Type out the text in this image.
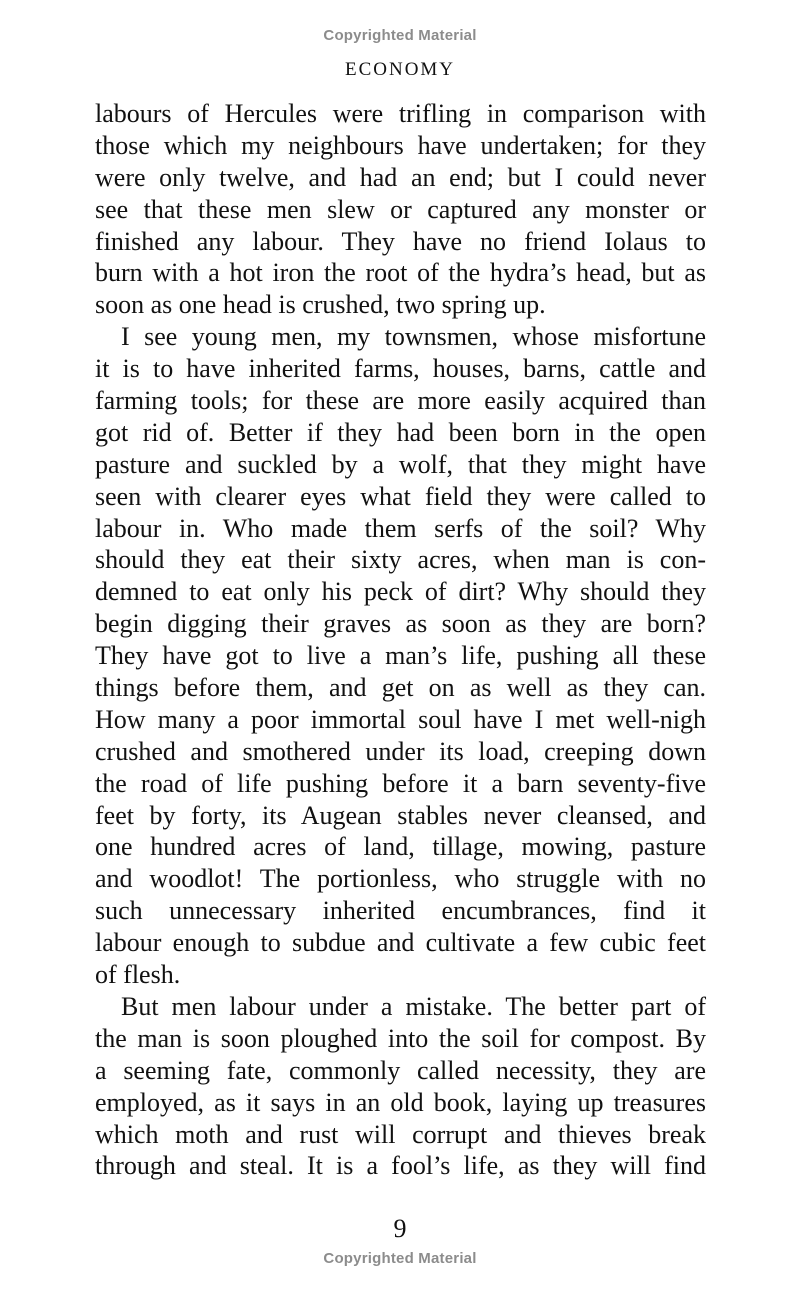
Copyrighted Material
ECONOMY
labours of Hercules were trifling in comparison with
those which my neighbours have undertaken; for they
were only twelve, and had an end; but I could never
see that these men slew or captured any monster or
finished any labour. They have no friend Iolaus to
burn with a hot iron the root of the hydra’s head, but as
soon as one head is crushed, two spring up.
I see young men, my townsmen, whose misfortune
it is to have inherited farms, houses, barns, cattle and
farming tools; for these are more easily acquired than
got rid of. Better if they had been born in the open
pasture and suckled by a wolf, that they might have
seen with clearer eyes what field they were called to
labour in. Who made them serfs of the soil? Why
should they eat their sixty acres, when man is con-
demned to eat only his peck of dirt? Why should they
begin digging their graves as soon as they are born?
They have got to live a man’s life, pushing all these
things before them, and get on as well as they can.
How many a poor immortal soul have I met well-nigh
crushed and smothered under its load, creeping down
the road of life pushing before it a barn seventy-five
feet by forty, its Augean stables never cleansed, and
one hundred acres of land, tillage, mowing, pasture
and woodlot! The portionless, who struggle with no
such unnecessary inherited encumbrances, find it
labour enough to subdue and cultivate a few cubic feet
of flesh.
But men labour under a mistake. The better part of
the man is soon ploughed into the soil for compost. By
a seeming fate, commonly called necessity, they are
employed, as it says in an old book, laying up treasures
which moth and rust will corrupt and thieves break
through and steal. It is a fool’s life, as they will find
9
Copyrighted Material
